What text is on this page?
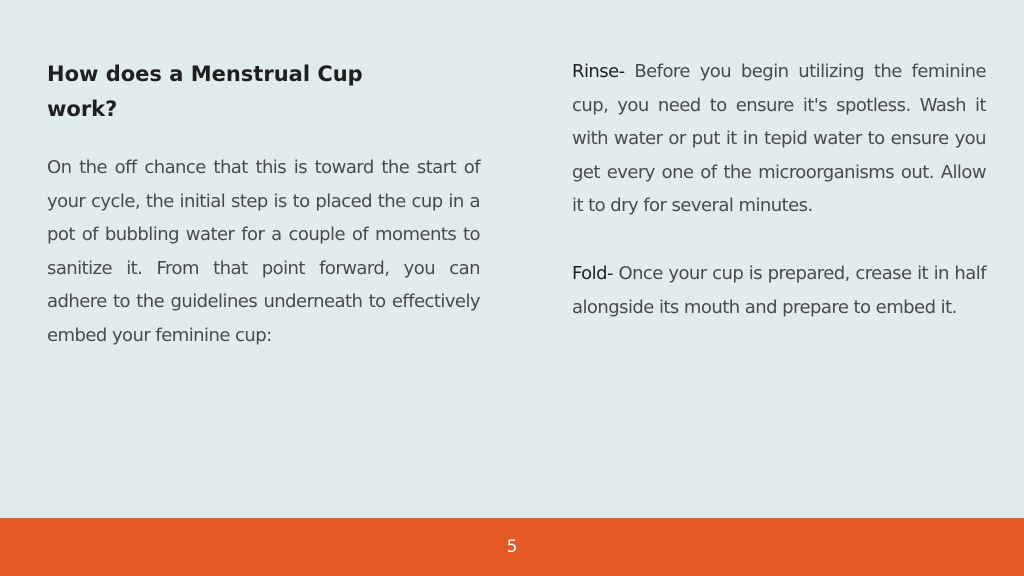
How does a Menstrual Cup work?

On the off chance that this is toward the start of your cycle, the initial step is to placed the cup in a pot of bubbling water for a couple of moments to sanitize it. From that point forward, you can adhere to the guidelines underneath to effectively embed your feminine cup:

Rinse- Before you begin utilizing the feminine cup, you need to ensure it's spotless. Wash it with water or put it in tepid water to ensure you get every one of the microorganisms out. Allow it to dry for several minutes.

Fold- Once your cup is prepared, crease it in half alongside its mouth and prepare to embed it.

5
